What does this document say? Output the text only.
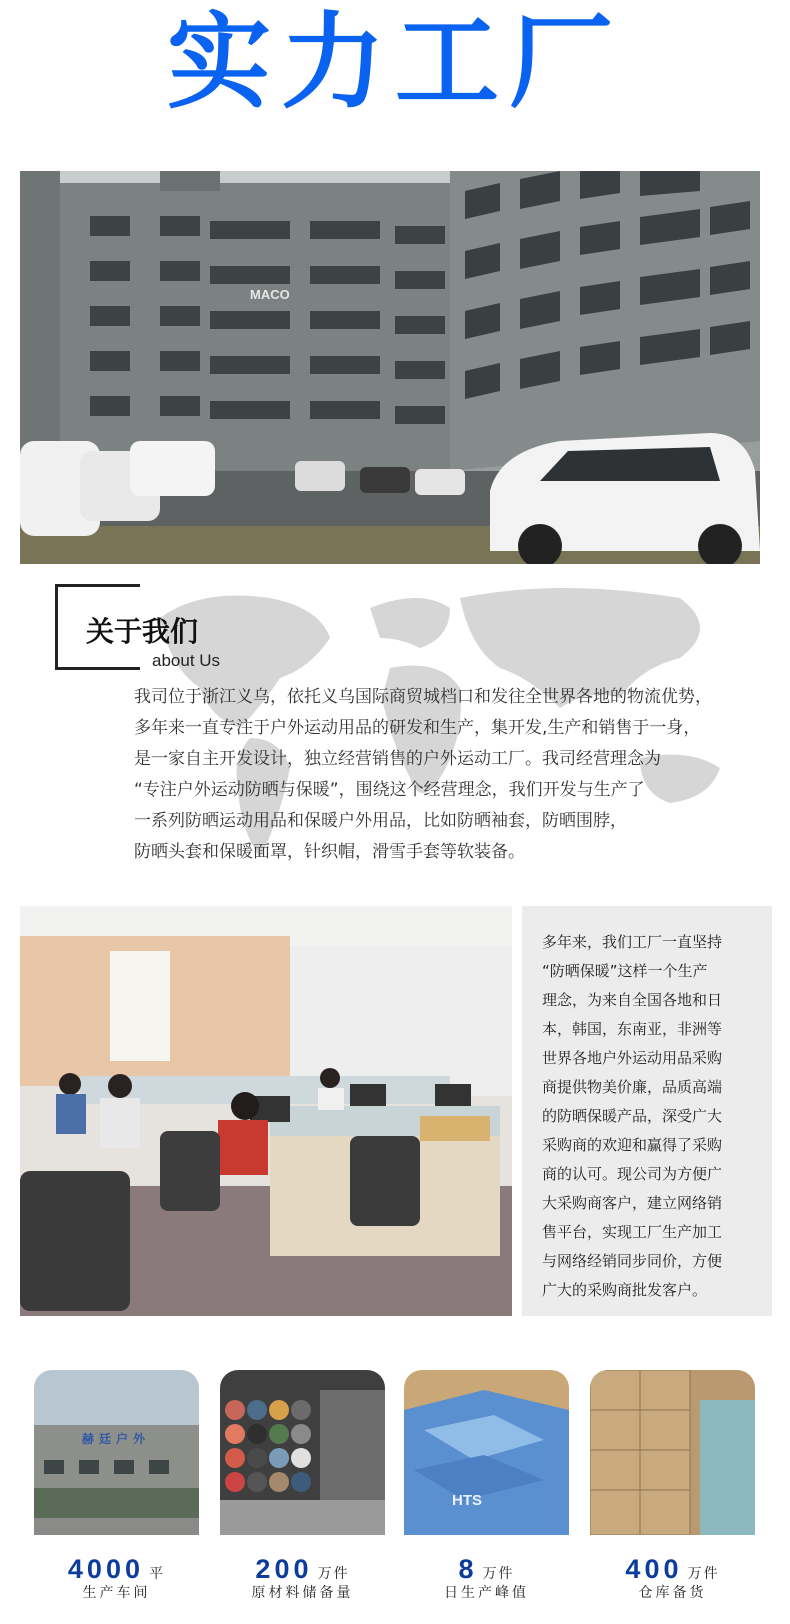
实力工厂
MACO
关于我们
about Us
我司位于浙江义乌，依托义乌国际商贸城档口和发往全世界各地的物流优势，
多年来一直专注于户外运动用品的研发和生产，集开发,生产和销售于一身，
是一家自主开发设计，独立经营销售的户外运动工厂。我司经营理念为
“专注户外运动防晒与保暖”，围绕这个经营理念，我们开发与生产了
一系列防晒运动用品和保暖户外用品，比如防晒袖套，防晒围脖，
防晒头套和保暖面罩，针织帽，滑雪手套等软装备。
多年来，我们工厂一直坚持
“防晒保暖”这样一个生产
理念，为来自全国各地和日
本，韩国，东南亚，非洲等
世界各地户外运动用品采购
商提供物美价廉，品质高端
的防晒保暖产品，深受广大
采购商的欢迎和赢得了采购
商的认可。现公司为方便广
大采购商客户，建立网络销
售平台，实现工厂生产加工
与网络经销同步同价，方便
广大的采购商批发客户。
赫廷户外
4000 平
生产车间
200 万件
原材料储备量
HTS
8 万件
日生产峰值
400 万件
仓库备货
